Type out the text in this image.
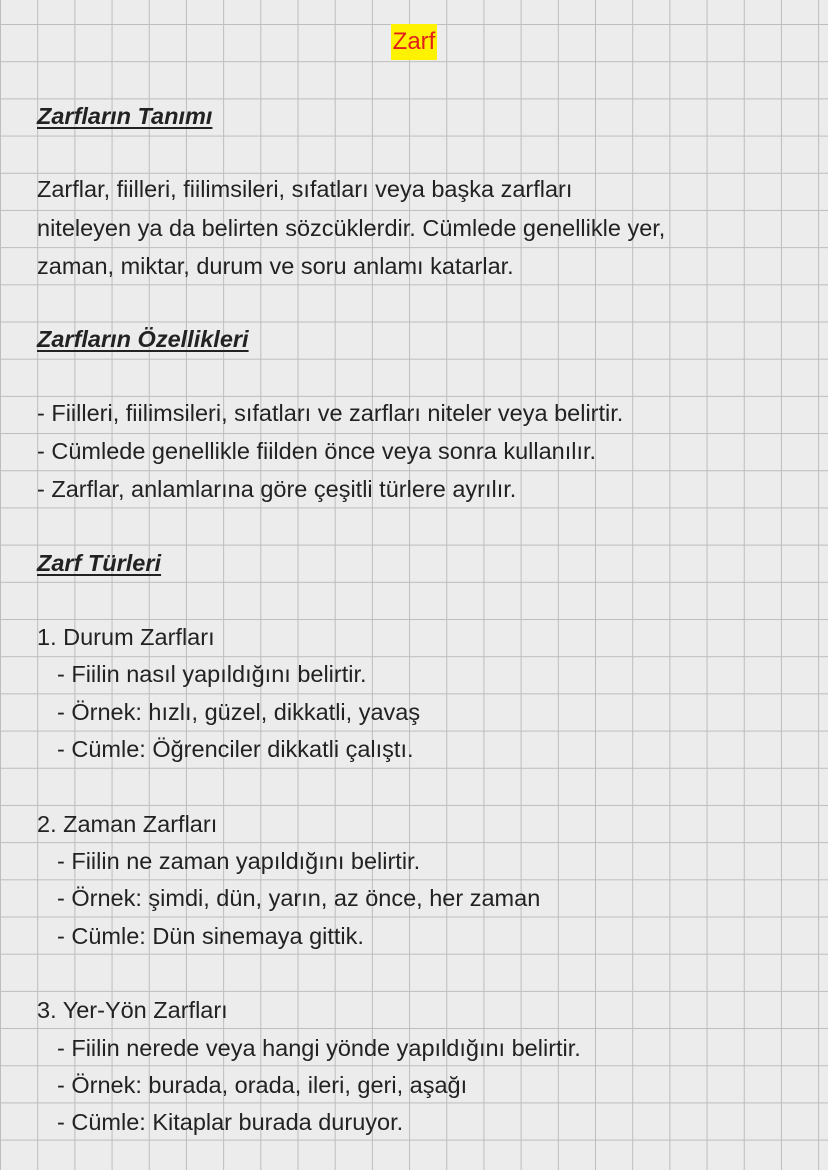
Zarf
Zarfların Tanımı
Zarflar, fiilleri, fiilimsileri, sıfatları veya başka zarfları
niteleyen ya da belirten sözcüklerdir. Cümlede genellikle yer,
zaman, miktar, durum ve soru anlamı katarlar.
Zarfların Özellikleri
- Fiilleri, fiilimsileri, sıfatları ve zarfları niteler veya belirtir.
- Cümlede genellikle fiilden önce veya sonra kullanılır.
- Zarflar, anlamlarına göre çeşitli türlere ayrılır.
Zarf Türleri
1. Durum Zarfları
- Fiilin nasıl yapıldığını belirtir.
- Örnek: hızlı, güzel, dikkatli, yavaş
- Cümle: Öğrenciler dikkatli çalıştı.
2. Zaman Zarfları
- Fiilin ne zaman yapıldığını belirtir.
- Örnek: şimdi, dün, yarın, az önce, her zaman
- Cümle: Dün sinemaya gittik.
3. Yer-Yön Zarfları
- Fiilin nerede veya hangi yönde yapıldığını belirtir.
- Örnek: burada, orada, ileri, geri, aşağı
- Cümle: Kitaplar burada duruyor.
